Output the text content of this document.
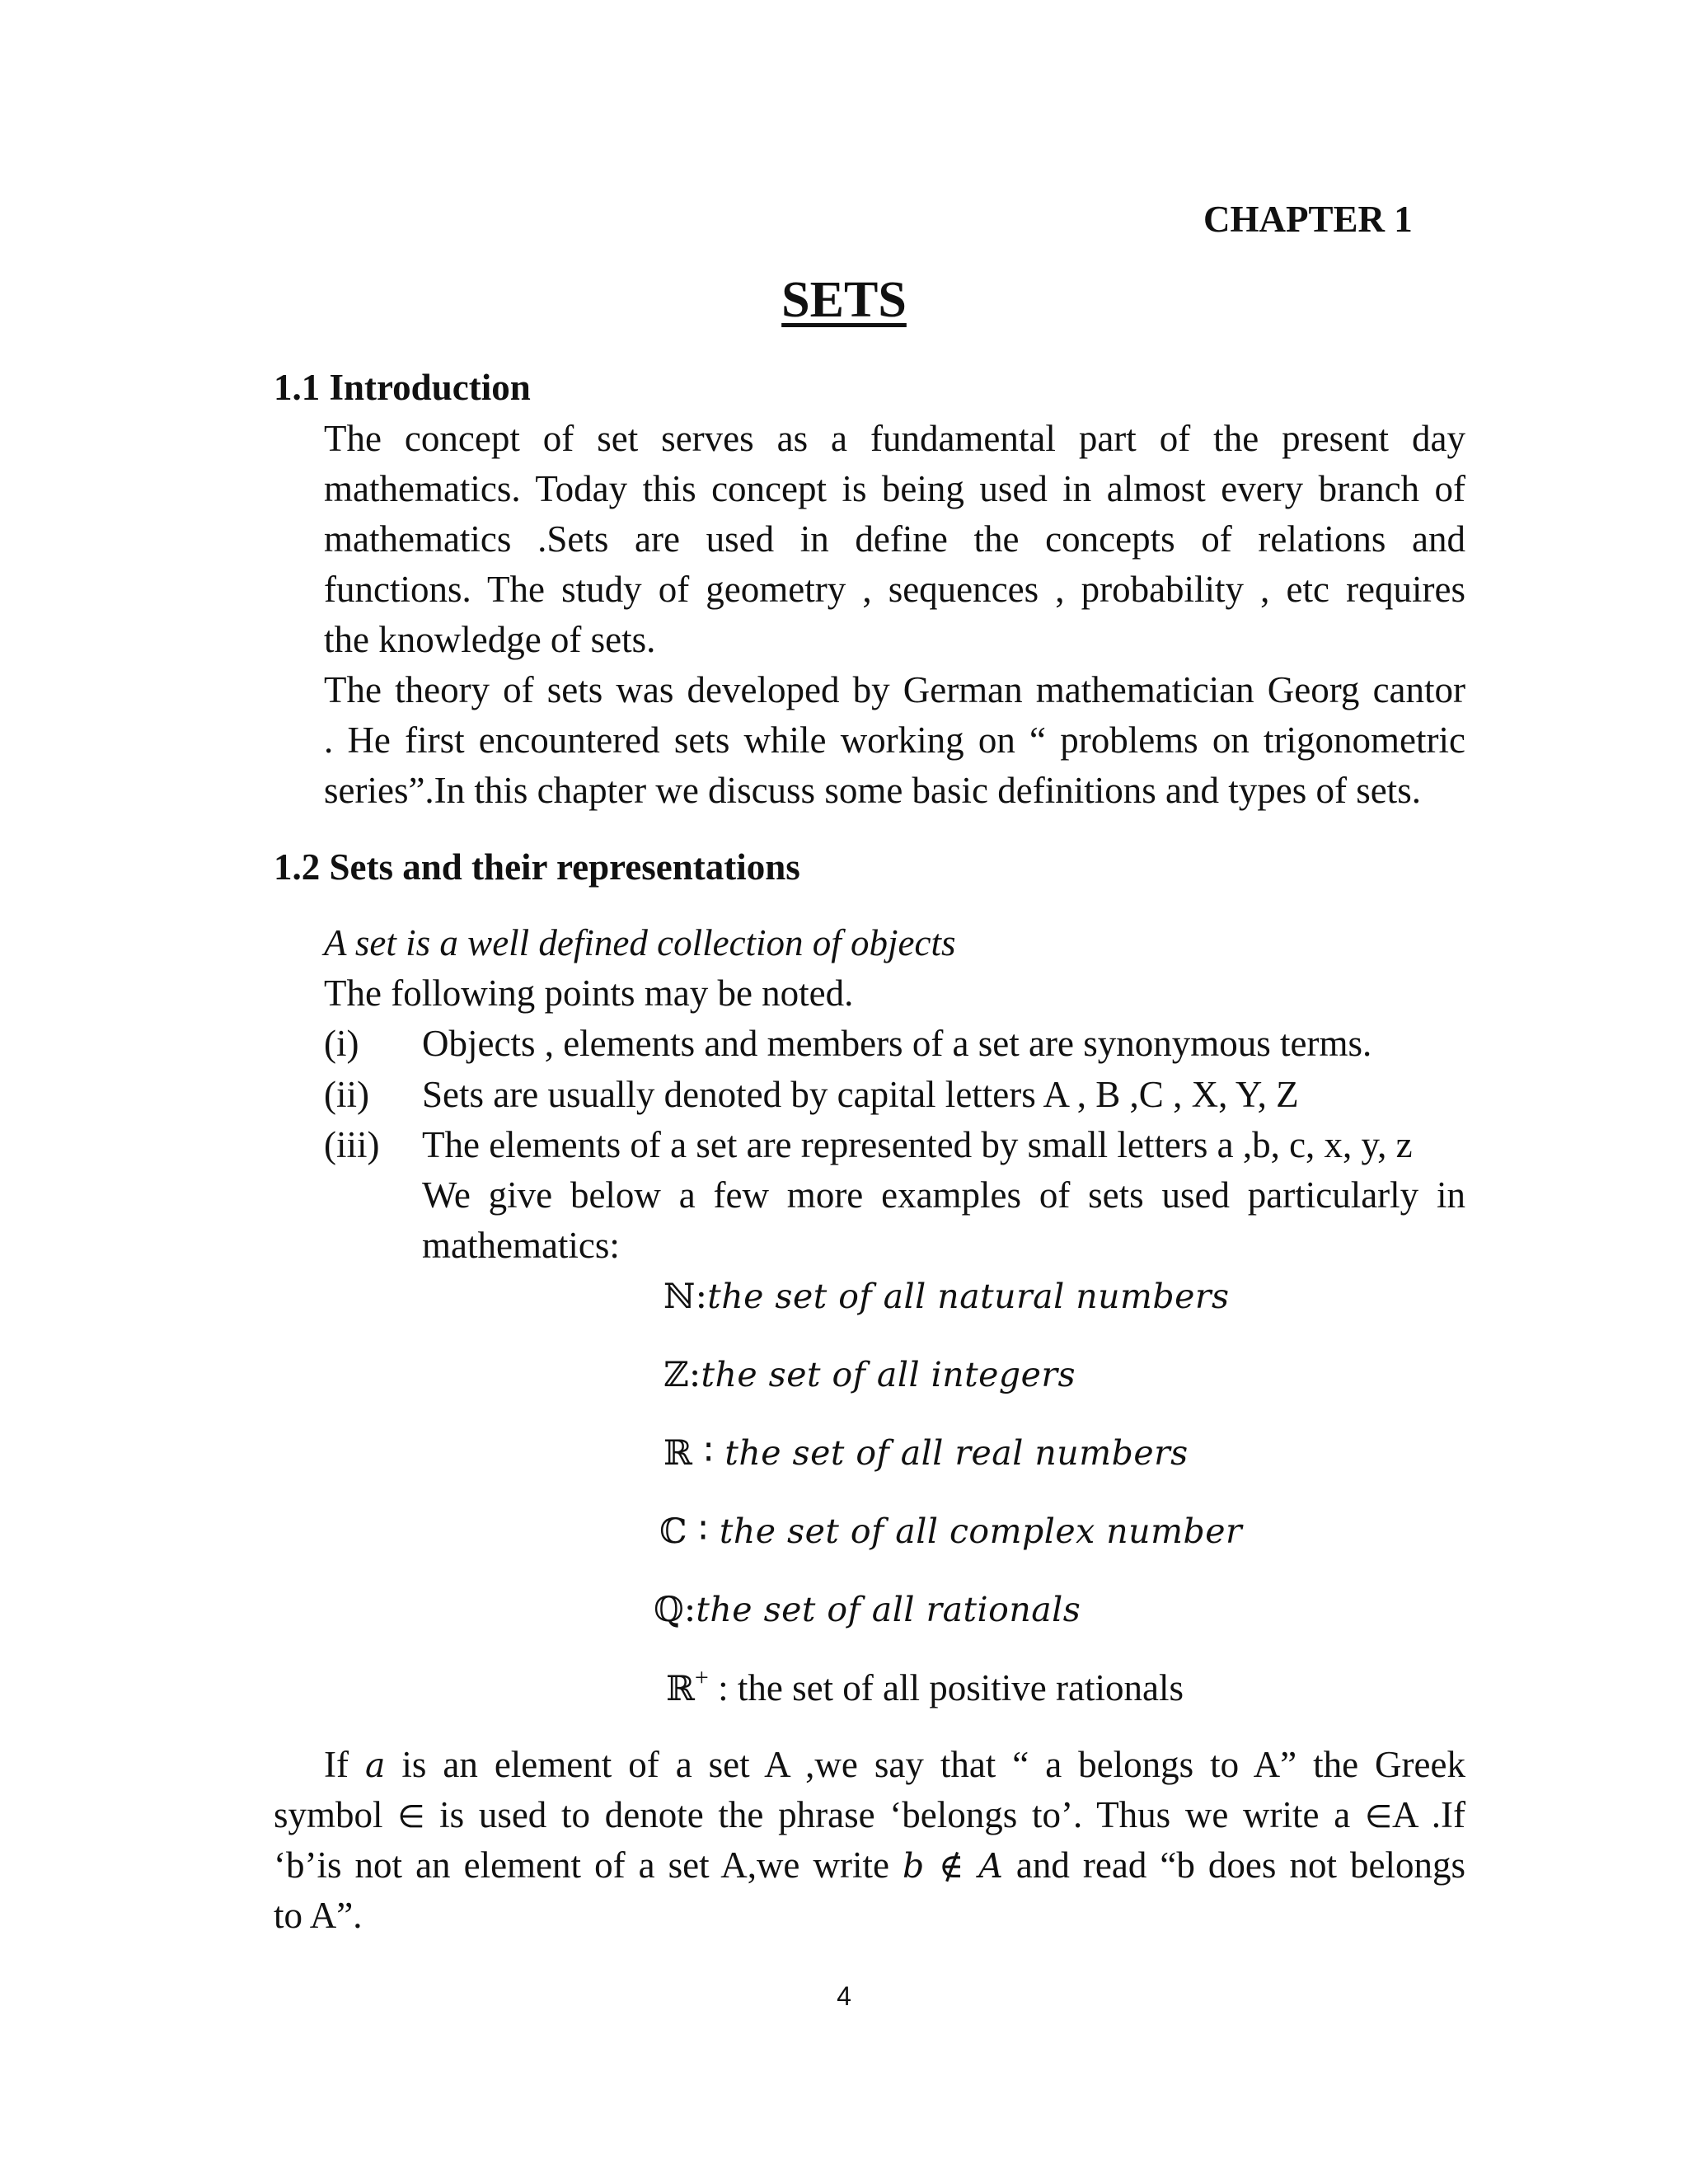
CHAPTER 1
SETS
1.1 Introduction
The concept of set serves as a fundamental part of the present day
mathematics. Today this concept is being used in almost every branch of
mathematics .Sets are used in define the concepts of relations and
functions. The study of geometry , sequences , probability , etc requires
the knowledge of sets.
The theory of sets was developed by German mathematician Georg cantor
. He first encountered sets while working on “ problems on trigonometric
series”.In this chapter we discuss some basic definitions and types of sets.
1.2 Sets and their representations
A set is a well defined collection of objects
The following points may be noted.
(i) Objects , elements and members of a set are synonymous terms.
(ii) Sets are usually denoted by capital letters A , B ,C , X, Y, Z
(iii) The elements of a set are represented by small letters a ,b, c, x, y, z
We give below a few more examples of sets used particularly in
mathematics:
ℕ:the set of all natural numbers
ℤ:the set of all integers
ℝ ∶ the set of all real numbers
ℂ ∶ the set of all complex number
ℚ:the set of all rationals
ℝ+ : the set of all positive rationals
If a is an element of a set A ,we say that “ a belongs to A” the Greek
symbol ∈ is used to denote the phrase ‘belongs to’. Thus we write a ∈A .If
‘b’is not an element of a set A,we write b ∉ A and read “b does not belongs
to A”.
4
